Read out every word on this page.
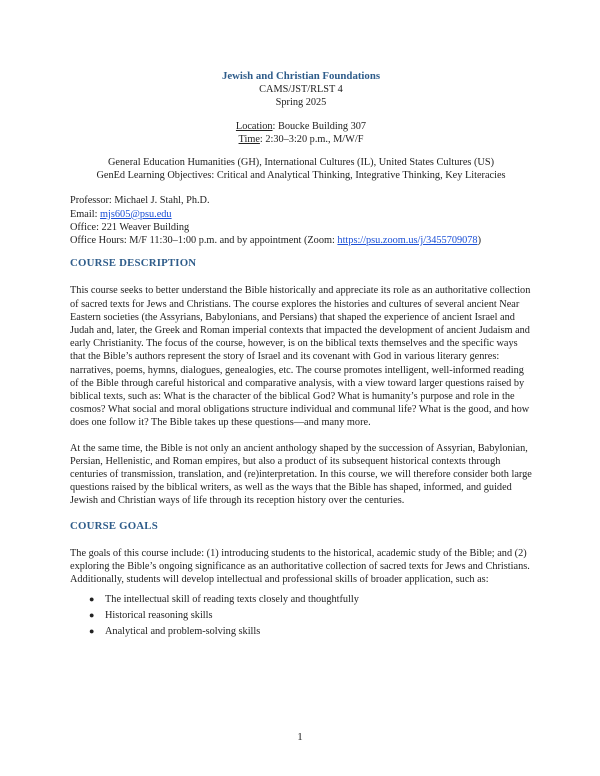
Jewish and Christian Foundations
CAMS/JST/RLST 4
Spring 2025
Location: Boucke Building 307
Time: 2:30–3:20 p.m., M/W/F
General Education Humanities (GH), International Cultures (IL), United States Cultures (US)
GenEd Learning Objectives: Critical and Analytical Thinking, Integrative Thinking, Key Literacies
Professor: Michael J. Stahl, Ph.D.
Email: mjs605@psu.edu
Office: 221 Weaver Building
Office Hours: M/F 11:30–1:00 p.m. and by appointment (Zoom: https://psu.zoom.us/j/3455709078)
COURSE DESCRIPTION

This course seeks to better understand the Bible historically and appreciate its role as an authoritative collection of sacred texts for Jews and Christians. The course explores the histories and cultures of several ancient Near Eastern societies (the Assyrians, Babylonians, and Persians) that shaped the experience of ancient Israel and Judah and, later, the Greek and Roman imperial contexts that impacted the development of ancient Judaism and early Christianity. The focus of the course, however, is on the biblical texts themselves and the specific ways that the Bible’s authors represent the story of Israel and its covenant with God in various literary genres: narratives, poems, hymns, dialogues, genealogies, etc. The course promotes intelligent, well-informed reading of the Bible through careful historical and comparative analysis, with a view toward larger questions raised by biblical texts, such as: What is the character of the biblical God? What is humanity’s purpose and role in the cosmos? What social and moral obligations structure individual and communal life? What is the good, and how does one follow it? The Bible takes up these questions—and many more.

At the same time, the Bible is not only an ancient anthology shaped by the succession of Assyrian, Babylonian, Persian, Hellenistic, and Roman empires, but also a product of its subsequent historical contexts through centuries of transmission, translation, and (re)interpretation. In this course, we will therefore consider both large questions raised by the biblical writers, as well as the ways that the Bible has shaped, informed, and guided Jewish and Christian ways of life through its reception history over the centuries.

COURSE GOALS

The goals of this course include: (1) introducing students to the historical, academic study of the Bible; and (2) exploring the Bible’s ongoing significance as an authoritative collection of sacred texts for Jews and Christians. Additionally, students will develop intellectual and professional skills of broader application, such as:

● The intellectual skill of reading texts closely and thoughtfully
● Historical reasoning skills
● Analytical and problem-solving skills
1
